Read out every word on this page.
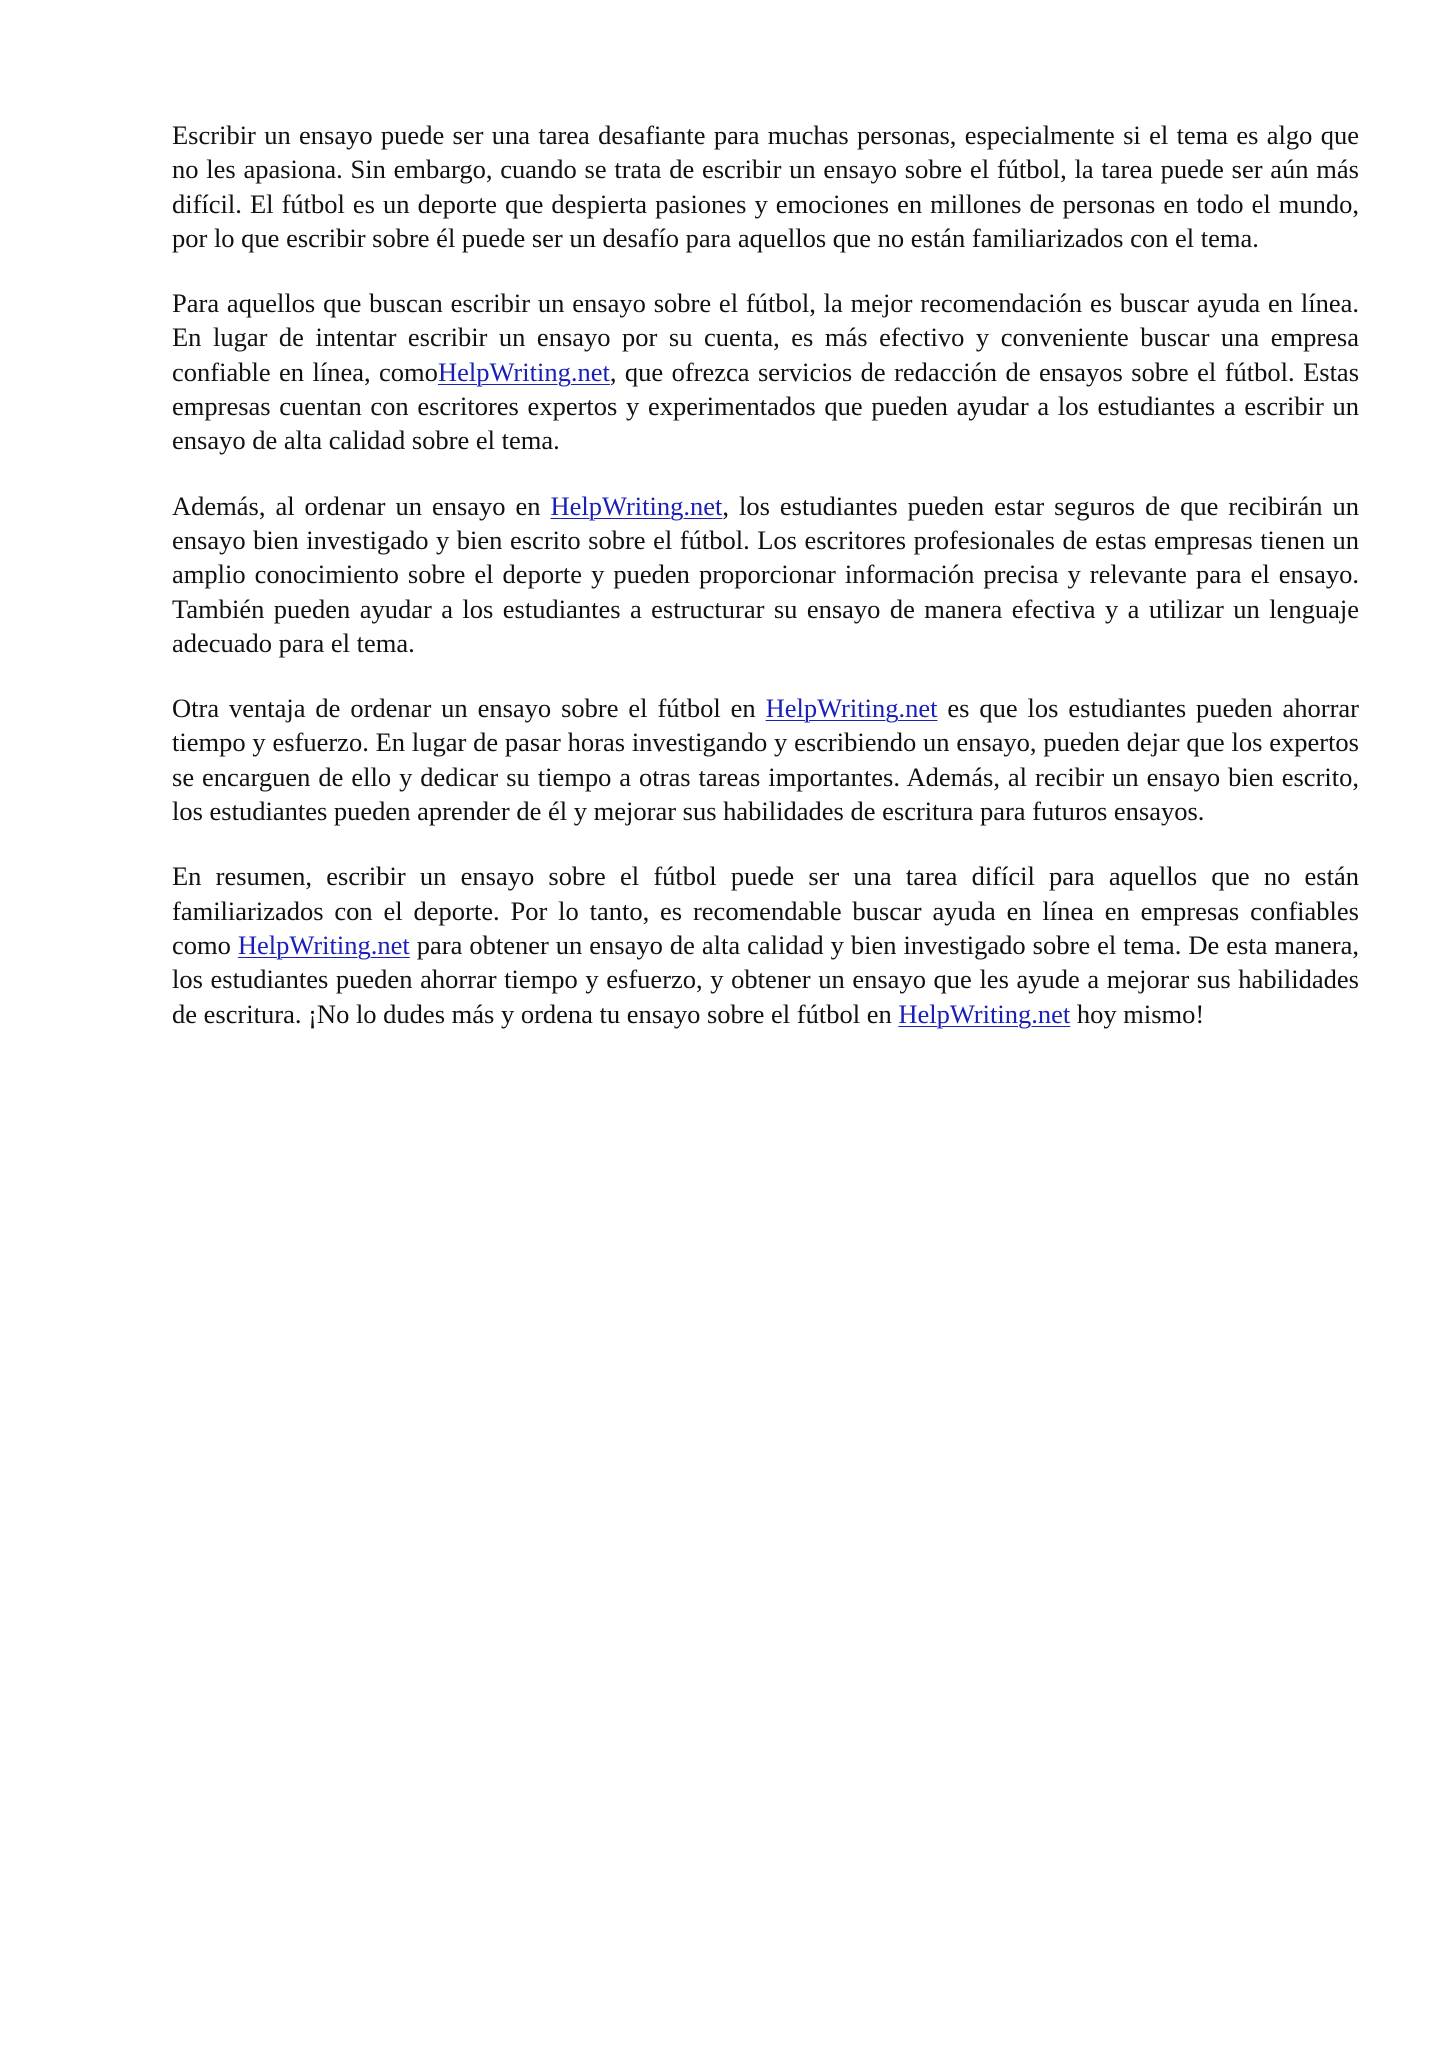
Escribir un ensayo puede ser una tarea desafiante para muchas personas, especialmente si el tema es algo que no les apasiona. Sin embargo, cuando se trata de escribir un ensayo sobre el fútbol, la tarea puede ser aún más difícil. El fútbol es un deporte que despierta pasiones y emociones en millones de personas en todo el mundo, por lo que escribir sobre él puede ser un desafío para aquellos que no están familiarizados con el tema.

Para aquellos que buscan escribir un ensayo sobre el fútbol, la mejor recomendación es buscar ayuda en línea. En lugar de intentar escribir un ensayo por su cuenta, es más efectivo y conveniente buscar una empresa confiable en línea, comoHelpWriting.net, que ofrezca servicios de redacción de ensayos sobre el fútbol. Estas empresas cuentan con escritores expertos y experimentados que pueden ayudar a los estudiantes a escribir un ensayo de alta calidad sobre el tema.

Además, al ordenar un ensayo en HelpWriting.net, los estudiantes pueden estar seguros de que recibirán un ensayo bien investigado y bien escrito sobre el fútbol. Los escritores profesionales de estas empresas tienen un amplio conocimiento sobre el deporte y pueden proporcionar información precisa y relevante para el ensayo. También pueden ayudar a los estudiantes a estructurar su ensayo de manera efectiva y a utilizar un lenguaje adecuado para el tema.

Otra ventaja de ordenar un ensayo sobre el fútbol en HelpWriting.net es que los estudiantes pueden ahorrar tiempo y esfuerzo. En lugar de pasar horas investigando y escribiendo un ensayo, pueden dejar que los expertos se encarguen de ello y dedicar su tiempo a otras tareas importantes. Además, al recibir un ensayo bien escrito, los estudiantes pueden aprender de él y mejorar sus habilidades de escritura para futuros ensayos.

En resumen, escribir un ensayo sobre el fútbol puede ser una tarea difícil para aquellos que no están familiarizados con el deporte. Por lo tanto, es recomendable buscar ayuda en línea en empresas confiables como HelpWriting.net para obtener un ensayo de alta calidad y bien investigado sobre el tema. De esta manera, los estudiantes pueden ahorrar tiempo y esfuerzo, y obtener un ensayo que les ayude a mejorar sus habilidades de escritura. ¡No lo dudes más y ordena tu ensayo sobre el fútbol en HelpWriting.net hoy mismo!
